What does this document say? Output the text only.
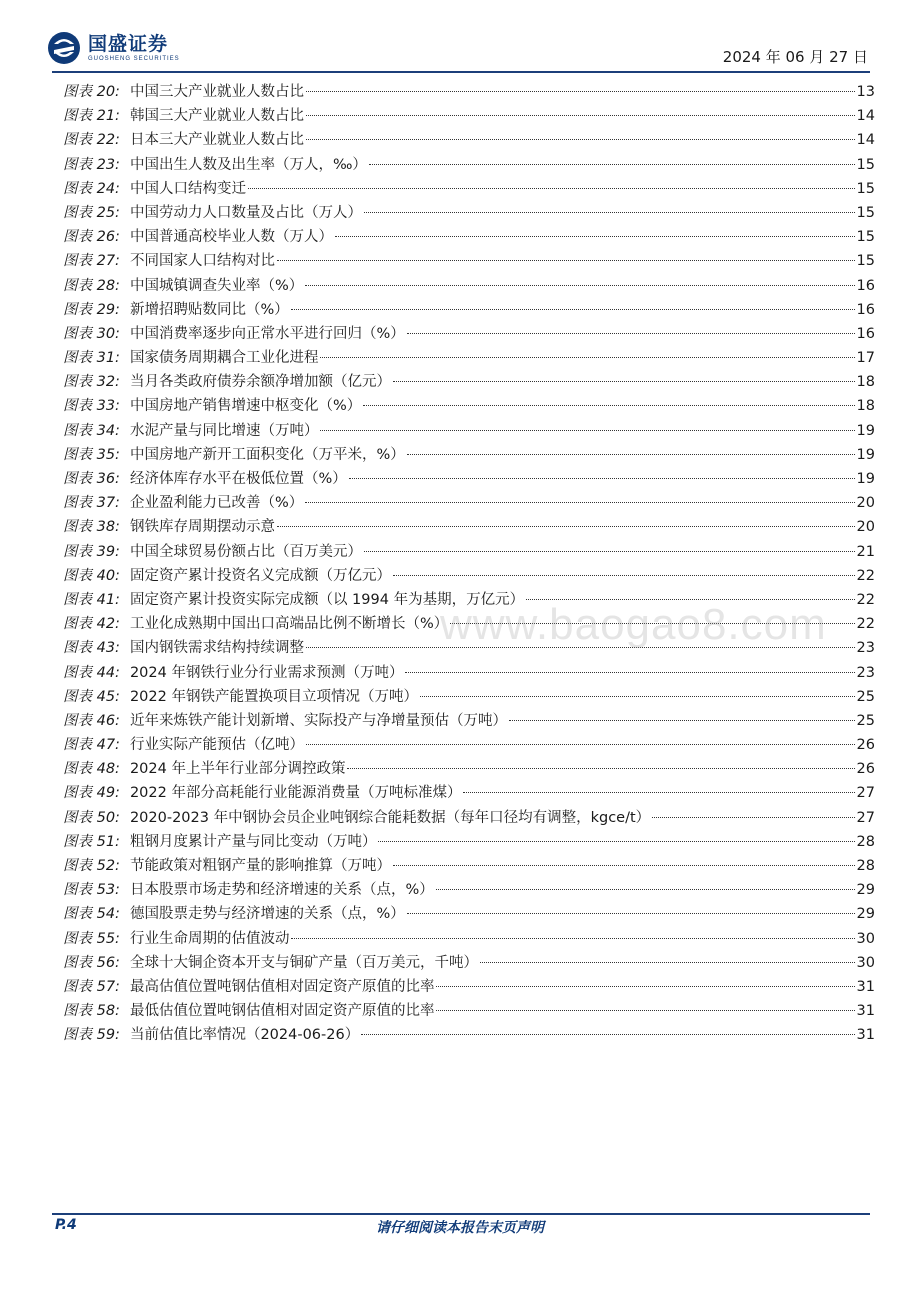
国盛证券
GUOSHENG SECURITIES	2024 年 06 月 27 日
图表 20: 中国三大产业就业人数占比	13
图表 21: 韩国三大产业就业人数占比	14
图表 22: 日本三大产业就业人数占比	14
图表 23: 中国出生人数及出生率（万人，‰）	15
图表 24: 中国人口结构变迁	15
图表 25: 中国劳动力人口数量及占比（万人）	15
图表 26: 中国普通高校毕业人数（万人）	15
图表 27: 不同国家人口结构对比	15
图表 28: 中国城镇调查失业率（%）	16
图表 29: 新增招聘贴数同比（%）	16
图表 30: 中国消费率逐步向正常水平进行回归（%）	16
图表 31: 国家债务周期耦合工业化进程	17
图表 32: 当月各类政府债券余额净增加额（亿元）	18
图表 33: 中国房地产销售增速中枢变化（%）	18
图表 34: 水泥产量与同比增速（万吨）	19
图表 35: 中国房地产新开工面积变化（万平米，%）	19
图表 36: 经济体库存水平在极低位置（%）	19
图表 37: 企业盈利能力已改善（%）	20
图表 38: 钢铁库存周期摆动示意	20
图表 39: 中国全球贸易份额占比（百万美元）	21
图表 40: 固定资产累计投资名义完成额（万亿元）	22
图表 41: 固定资产累计投资实际完成额（以 1994 年为基期，万亿元）	22
图表 42: 工业化成熟期中国出口高端品比例不断增长（%）	22
图表 43: 国内钢铁需求结构持续调整	23
图表 44: 2024 年钢铁行业分行业需求预测（万吨）	23
图表 45: 2022 年钢铁产能置换项目立项情况（万吨）	25
图表 46: 近年来炼铁产能计划新增、实际投产与净增量预估（万吨）	25
图表 47: 行业实际产能预估（亿吨）	26
图表 48: 2024 年上半年行业部分调控政策	26
图表 49: 2022 年部分高耗能行业能源消费量（万吨标准煤）	27
图表 50: 2020-2023 年中钢协会员企业吨钢综合能耗数据（每年口径均有调整，kgce/t）	27
图表 51: 粗钢月度累计产量与同比变动（万吨）	28
图表 52: 节能政策对粗钢产量的影响推算（万吨）	28
图表 53: 日本股票市场走势和经济增速的关系（点，%）	29
图表 54: 德国股票走势与经济增速的关系（点，%）	29
图表 55: 行业生命周期的估值波动	30
图表 56: 全球十大铜企资本开支与铜矿产量（百万美元，千吨）	30
图表 57: 最高估值位置吨钢估值相对固定资产原值的比率	31
图表 58: 最低估值位置吨钢估值相对固定资产原值的比率	31
图表 59: 当前估值比率情况（2024-06-26）	31
www.baogao8.com
P.4	请仔细阅读本报告末页声明
